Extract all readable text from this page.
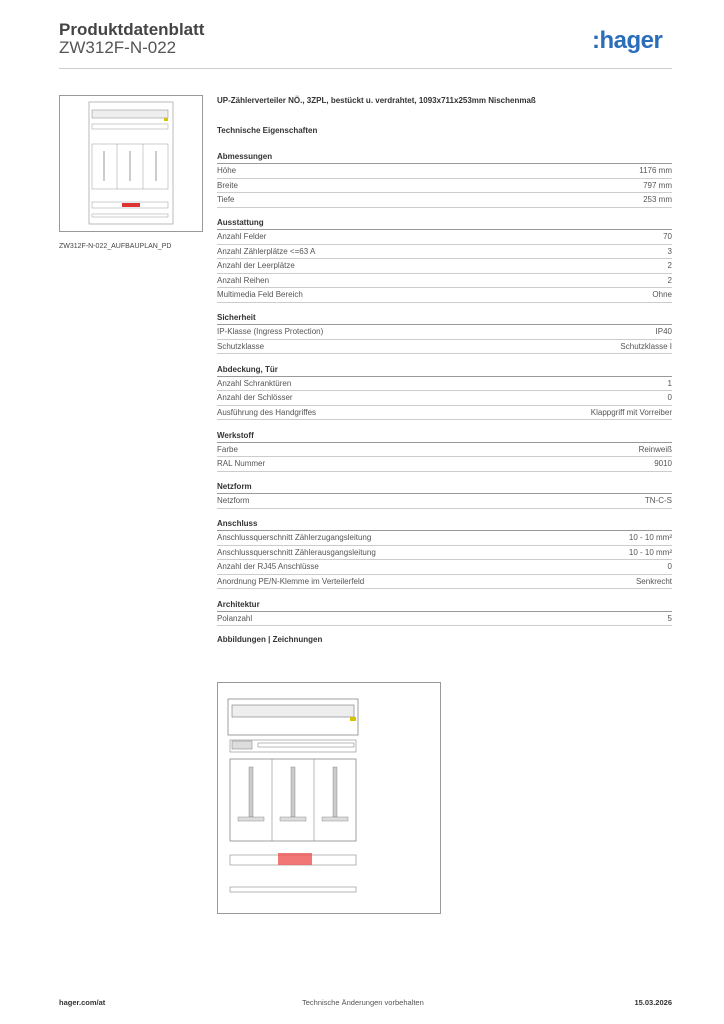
Produktdatenblatt
ZW312F-N-022	:hager
ZW312F-N-022_AUFBAUPLAN_PD
UP-Zählerverteiler NÖ., 3ZPL, bestückt u. verdrahtet, 1093x711x253mm Nischenmaß
Technische Eigenschaften
Abmessungen
Höhe	1176 mm
Breite	797 mm
Tiefe	253 mm
Ausstattung
Anzahl Felder	70
Anzahl Zählerplätze <=63 A	3
Anzahl der Leerplätze	2
Anzahl Reihen	2
Multimedia Feld Bereich	Ohne
Sicherheit
IP-Klasse (Ingress Protection)	IP40
Schutzklasse	Schutzklasse I
Abdeckung, Tür
Anzahl Schranktüren	1
Anzahl der Schlösser	0
Ausführung des Handgriffes	Klappgriff mit Vorreiber
Werkstoff
Farbe	Reinweiß
RAL Nummer	9010
Netzform
Netzform	TN-C-S
Anschluss
Anschlussquerschnitt Zählerzugangsleitung	10 - 10 mm²
Anschlussquerschnitt Zählerausgangsleitung	10 - 10 mm²
Anzahl der RJ45 Anschlüsse	0
Anordnung PE/N-Klemme im Verteilerfeld	Senkrecht
Architektur
Polanzahl	5
Abbildungen | Zeichnungen
hager.com/at	Technische Änderungen vorbehalten	15.03.2026
